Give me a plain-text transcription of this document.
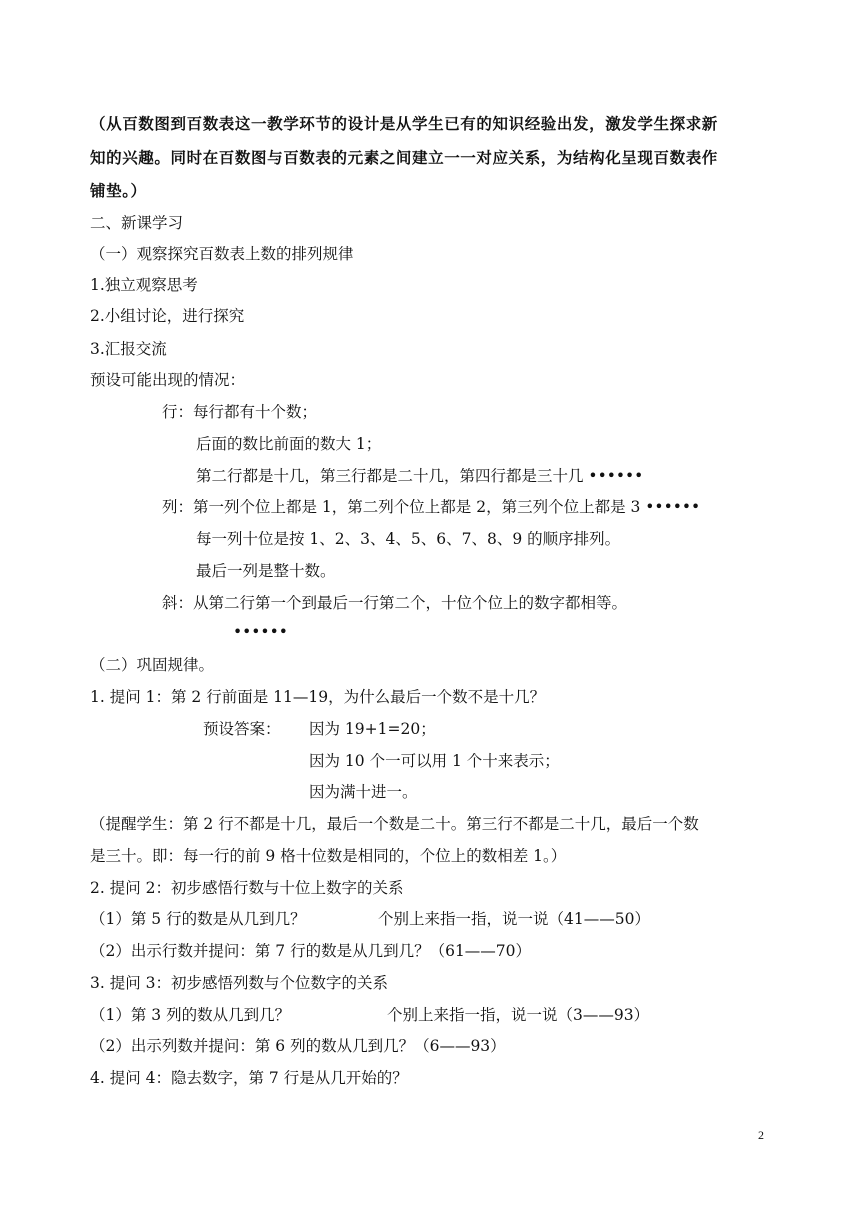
（从百数图到百数表这一教学环节的设计是从学生已有的知识经验出发，激发学生探求新
知的兴趣。同时在百数图与百数表的元素之间建立一一对应关系，为结构化呈现百数表作
铺垫。）
二、新课学习
（一）观察探究百数表上数的排列规律
1.独立观察思考
2.小组讨论，进行探究
3.汇报交流
预设可能出现的情况：
行：每行都有十个数；
后面的数比前面的数大 1；
第二行都是十几，第三行都是二十几，第四行都是三十几 ••••••
列：第一列个位上都是 1，第二列个位上都是 2，第三列个位上都是 3 ••••••
每一列十位是按 1、2、3、4、5、6、7、8、9 的顺序排列。
最后一列是整十数。
斜：从第二行第一个到最后一行第二个，十位个位上的数字都相等。
••••••
（二）巩固规律。
1. 提问 1：第 2 行前面是 11—19，为什么最后一个数不是十几？
预设答案： 因为 19+1=20；
因为 10 个一可以用 1 个十来表示；
因为满十进一。
（提醒学生：第 2 行不都是十几，最后一个数是二十。第三行不都是二十几，最后一个数
是三十。即：每一行的前 9 格十位数是相同的，个位上的数相差 1。）
2. 提问 2：初步感悟行数与十位上数字的关系
（1）第 5 行的数是从几到几？	个别上来指一指，说一说（41——50）
（2）出示行数并提问：第 7 行的数是从几到几？（61——70）
3. 提问 3：初步感悟列数与个位数字的关系
（1）第 3 列的数从几到几？	个别上来指一指，说一说（3——93）
（2）出示列数并提问：第 6 列的数从几到几？（6——93）
4. 提问 4：隐去数字，第 7 行是从几开始的？
2
